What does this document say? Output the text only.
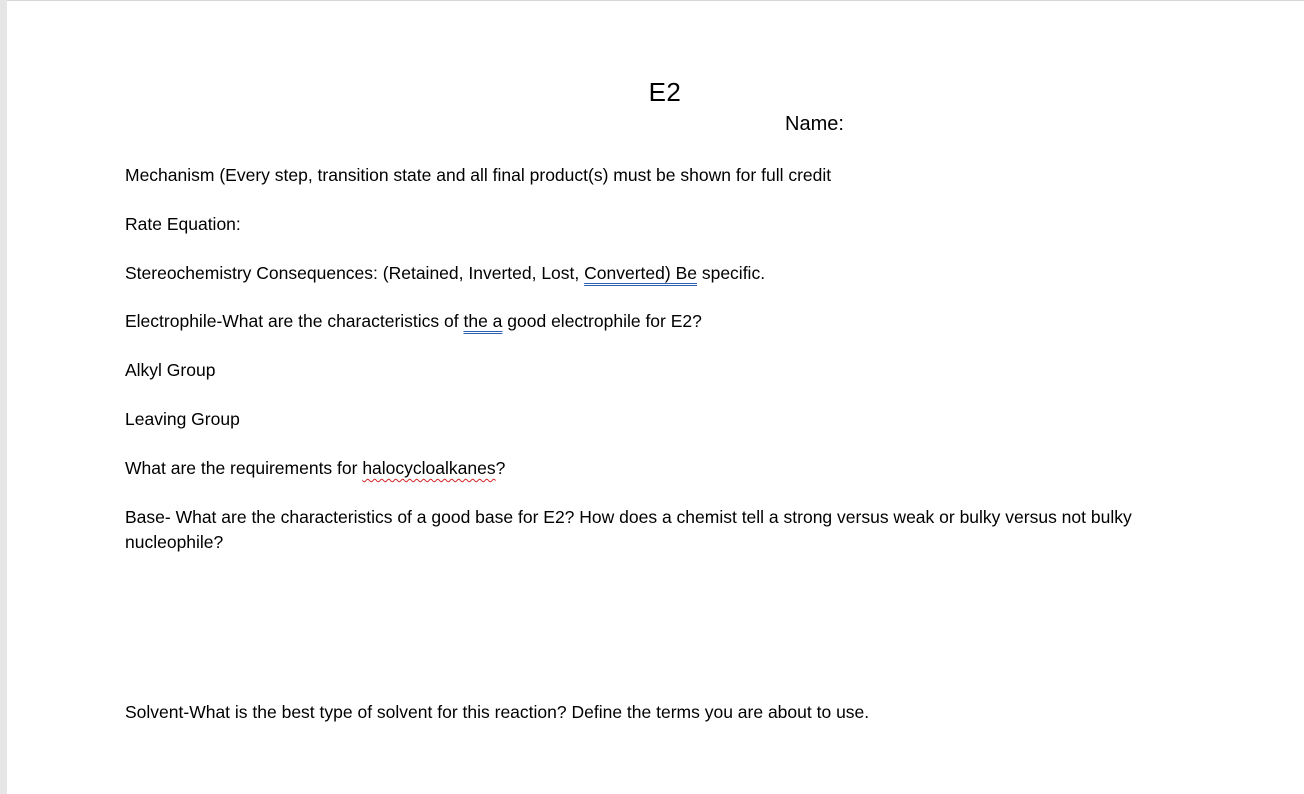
E2
Name:
Mechanism (Every step, transition state and all final product(s) must be shown for full credit
Rate Equation:
Stereochemistry Consequences: (Retained, Inverted, Lost, Converted) Be specific.
Electrophile-What are the characteristics of the a good electrophile for E2?
Alkyl Group
Leaving Group
What are the requirements for halocycloalkanes?
Base- What are the characteristics of a good base for E2? How does a chemist tell a strong versus weak or bulky versus not bulky nucleophile?
Solvent-What is the best type of solvent for this reaction? Define the terms you are about to use.
